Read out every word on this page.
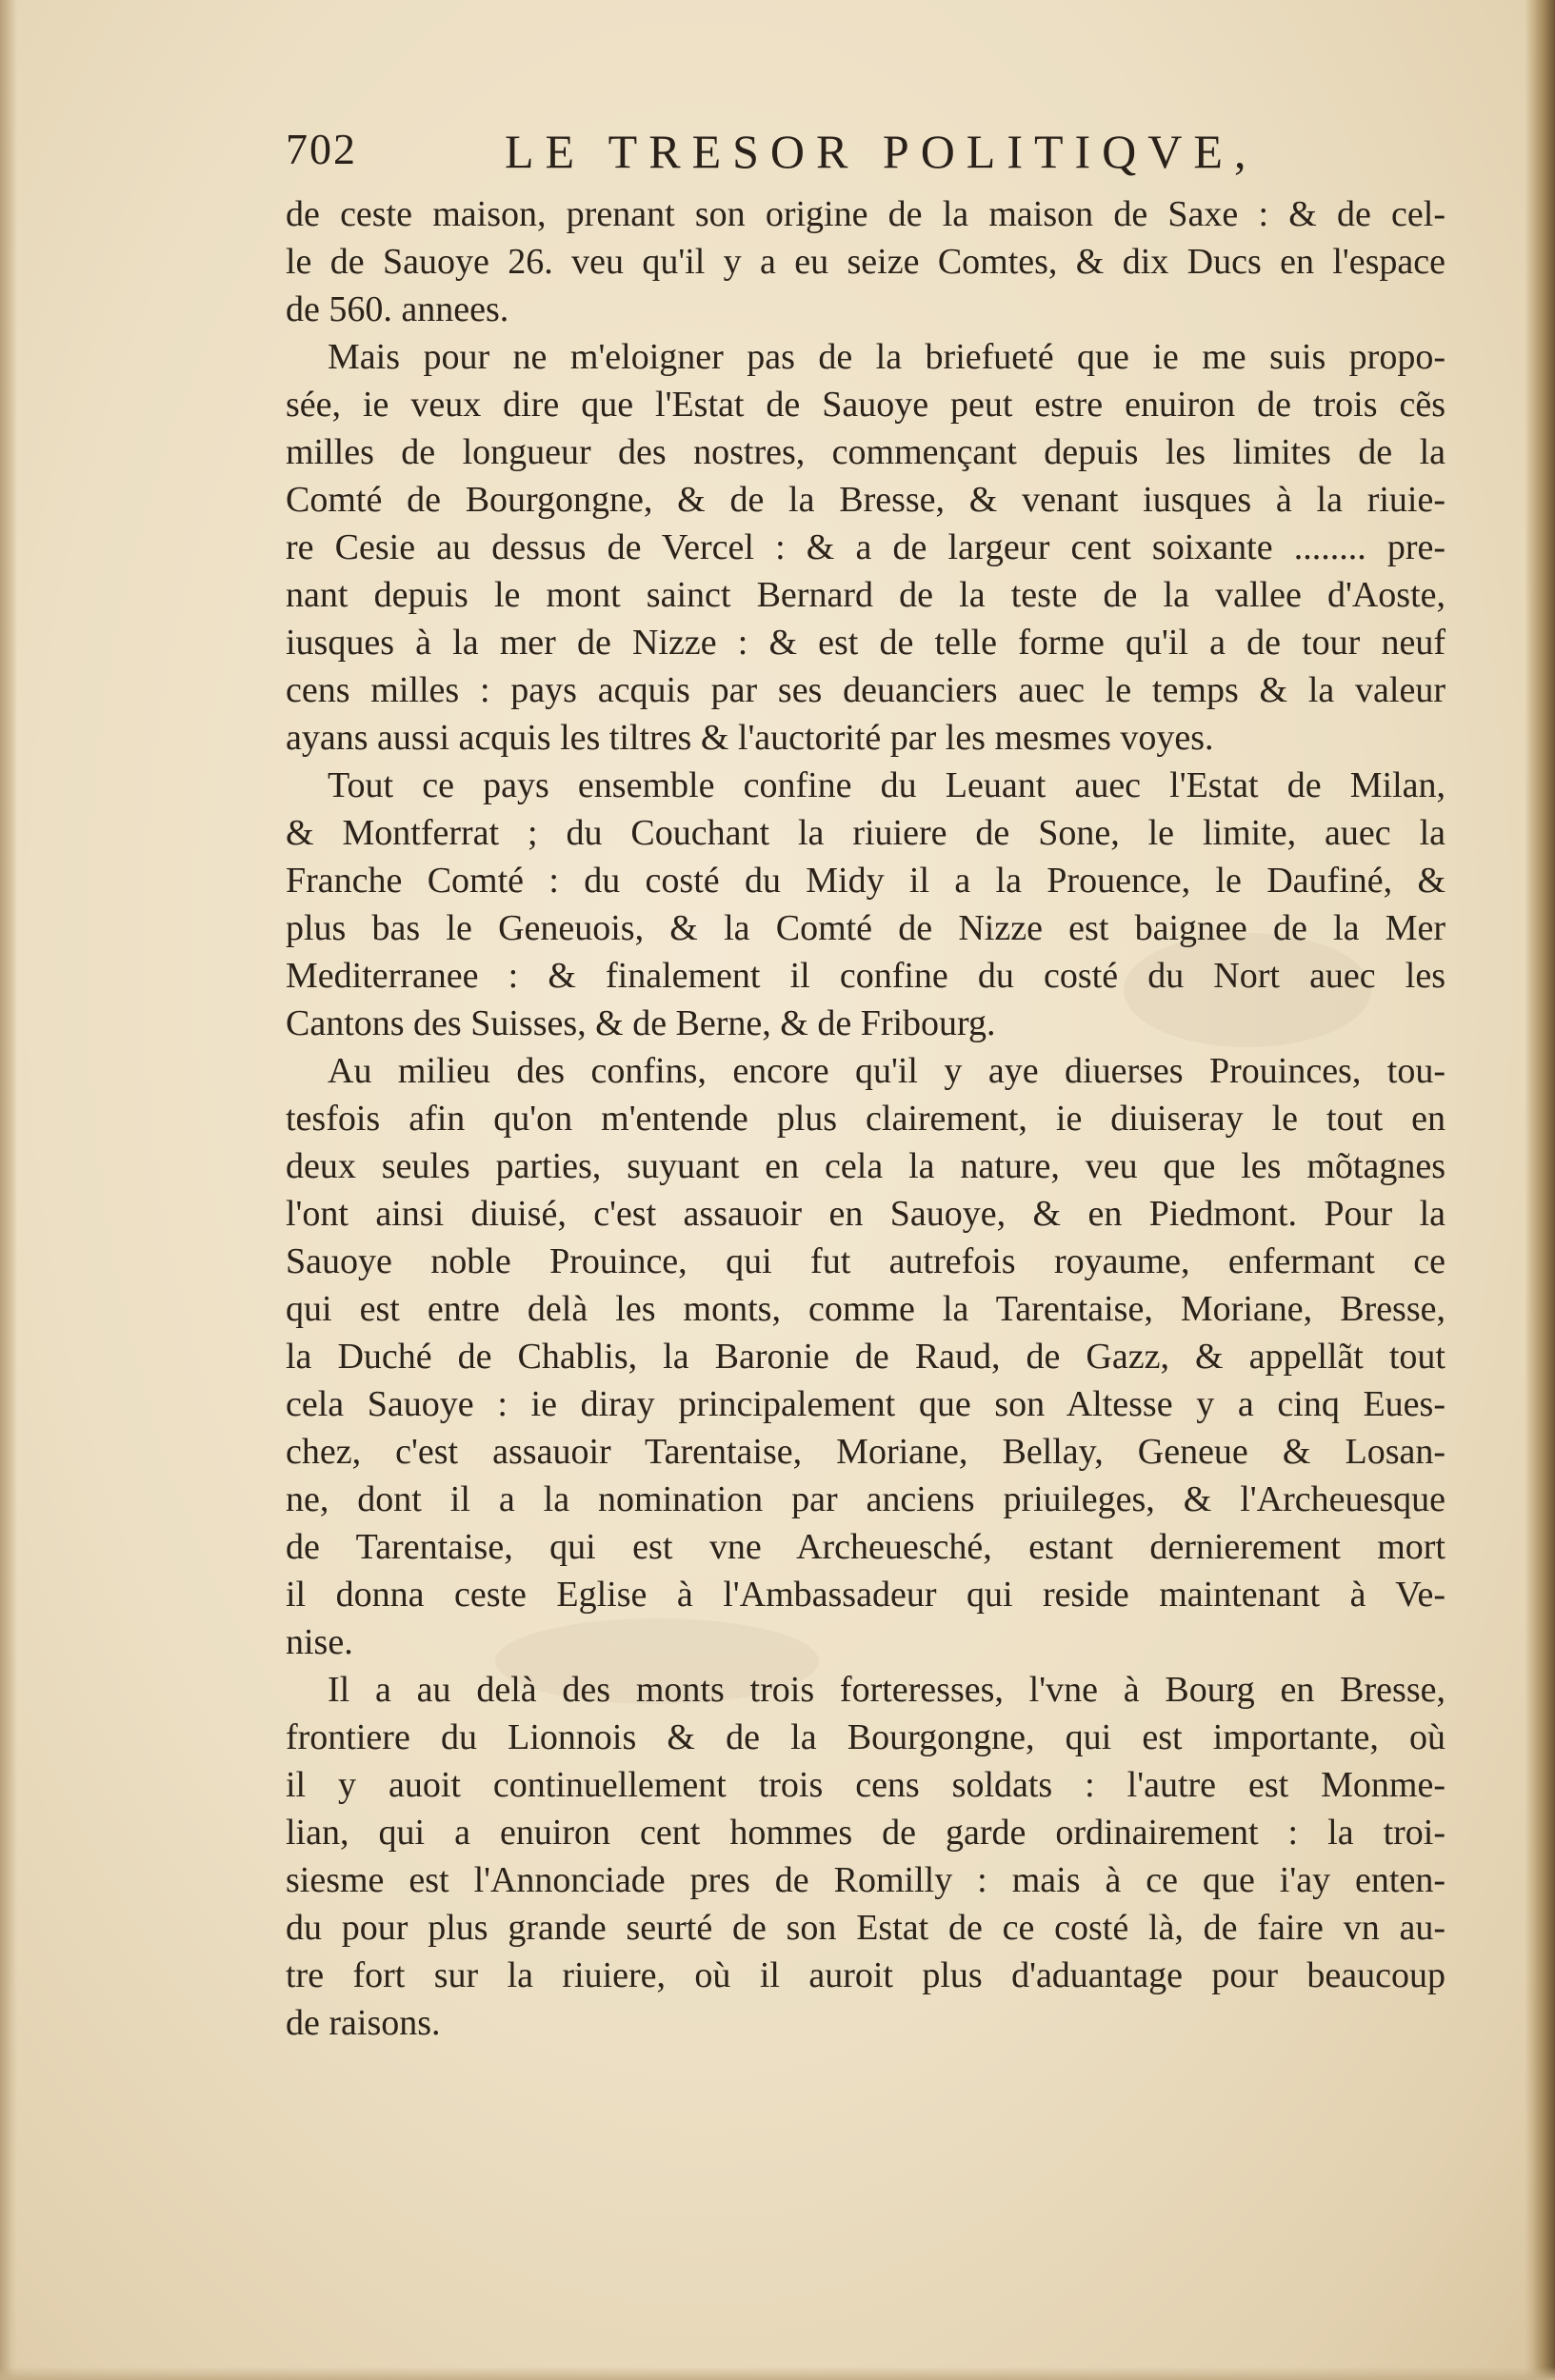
702	LE TRESOR POLITIQVE,
de ceste maison, prenant son origine de la maison de Saxe : & de cel-
le de Sauoye 26. veu qu'il y a eu seize Comtes, & dix Ducs en l'espace
de 560. annees.
Mais pour ne m'eloigner pas de la briefueté que ie me suis propo-
sée, ie veux dire que l'Estat de Sauoye peut estre enuiron de trois cẽs
milles de longueur des nostres, commençant depuis les limites de la
Comté de Bourgongne, & de la Bresse, & venant iusques à la riuie-
re Cesie au dessus de Vercel : & a de largeur cent soixante ........ pre-
nant depuis le mont sainct Bernard de la teste de la vallee d'Aoste,
iusques à la mer de Nizze : & est de telle forme qu'il a de tour neuf
cens milles : pays acquis par ses deuanciers auec le temps & la valeur
ayans aussi acquis les tiltres & l'auctorité par les mesmes voyes.
Tout ce pays ensemble confine du Leuant auec l'Estat de Milan,
& Montferrat ; du Couchant la riuiere de Sone, le limite, auec la
Franche Comté : du costé du Midy il a la Prouence, le Daufiné, &
plus bas le Geneuois, & la Comté de Nizze est baignee de la Mer
Mediterranee : & finalement il confine du costé du Nort auec les
Cantons des Suisses, & de Berne, & de Fribourg.
Au milieu des confins, encore qu'il y aye diuerses Prouinces, tou-
tesfois afin qu'on m'entende plus clairement, ie diuiseray le tout en
deux seules parties, suyuant en cela la nature, veu que les mõtagnes
l'ont ainsi diuisé, c'est assauoir en Sauoye, & en Piedmont. Pour la
Sauoye noble Prouince, qui fut autrefois royaume, enfermant ce
qui est entre delà les monts, comme la Tarentaise, Moriane, Bresse,
la Duché de Chablis, la Baronie de Raud, de Gazz, & appellãt tout
cela Sauoye : ie diray principalement que son Altesse y a cinq Eues-
chez, c'est assauoir Tarentaise, Moriane, Bellay, Geneue & Losan-
ne, dont il a la nomination par anciens priuileges, & l'Archeuesque
de Tarentaise, qui est vne Archeuesché, estant dernierement mort
il donna ceste Eglise à l'Ambassadeur qui reside maintenant à Ve-
nise.
Il a au delà des monts trois forteresses, l'vne à Bourg en Bresse,
frontiere du Lionnois & de la Bourgongne, qui est importante, où
il y auoit continuellement trois cens soldats : l'autre est Monme-
lian, qui a enuiron cent hommes de garde ordinairement : la troi-
siesme est l'Annonciade pres de Romilly : mais à ce que i'ay enten-
du pour plus grande seurté de son Estat de ce costé là, de faire vn au-
tre fort sur la riuiere, où il auroit plus d'aduantage pour beaucoup
de raisons.
